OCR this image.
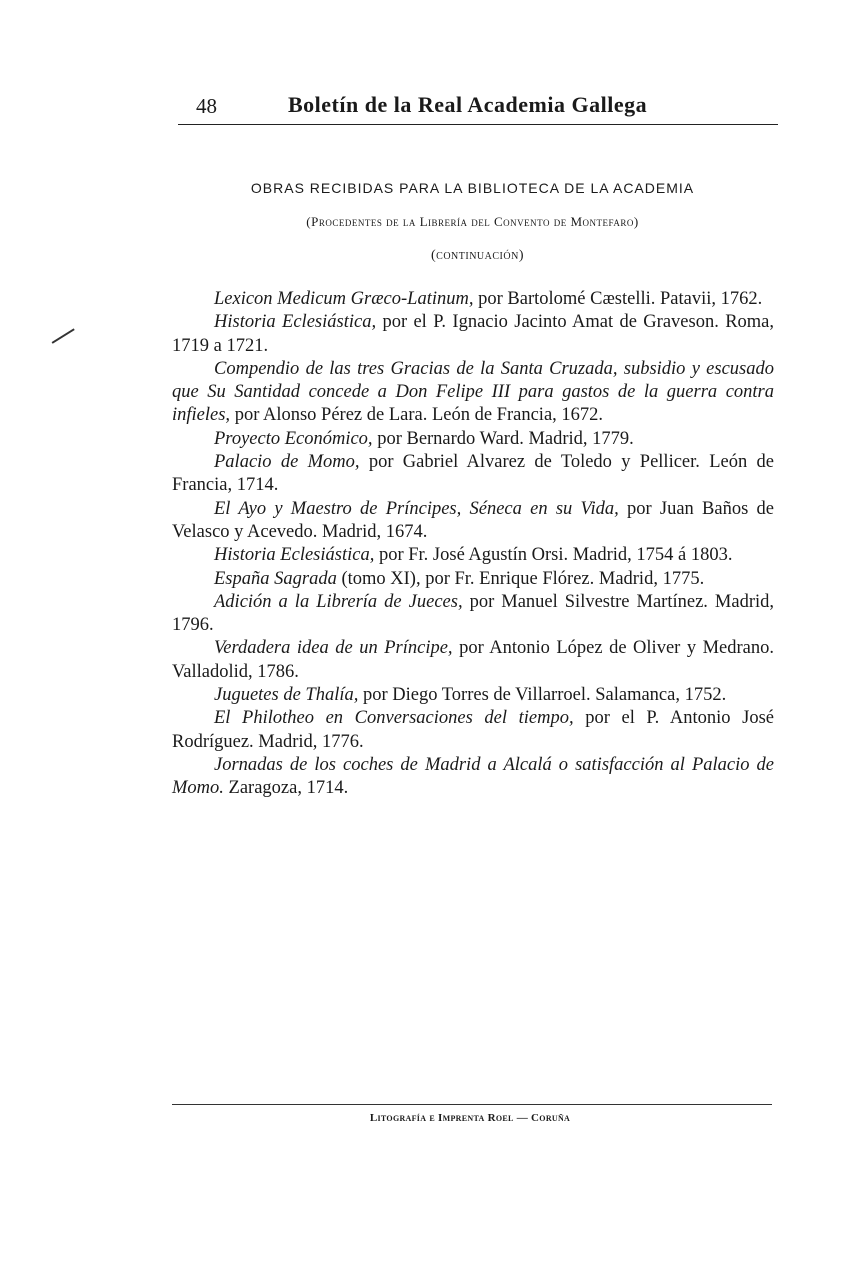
48	Boletín de la Real Academia Gallega
OBRAS RECIBIDAS PARA LA BIBLIOTECA DE LA ACADEMIA
(Procedentes de la Librería del Convento de Montefaro)
(continuación)

Lexicon Medicum Græco-Latinum, por Bartolomé Cæstelli. Patavii, 1762.

Historia Eclesiástica, por el P. Ignacio Jacinto Amat de Graveson. Roma, 1719 a 1721.

Compendio de las tres Gracias de la Santa Cruzada, subsidio y escusado que Su Santidad concede a Don Felipe III para gastos de la guerra contra infieles, por Alonso Pérez de Lara. León de Francia, 1672.

Proyecto Económico, por Bernardo Ward. Madrid, 1779.

Palacio de Momo, por Gabriel Alvarez de Toledo y Pellicer. León de Francia, 1714.

El Ayo y Maestro de Príncipes, Séneca en su Vida, por Juan Baños de Velasco y Acevedo. Madrid, 1674.

Historia Eclesiástica, por Fr. José Agustín Orsi. Madrid, 1754 á 1803.

España Sagrada (tomo XI), por Fr. Enrique Flórez. Madrid, 1775.

Adición a la Librería de Jueces, por Manuel Silvestre Martínez. Madrid, 1796.

Verdadera idea de un Príncipe, por Antonio López de Oliver y Medrano. Valladolid, 1786.

Juguetes de Thalía, por Diego Torres de Villarroel. Salamanca, 1752.

El Philotheo en Conversaciones del tiempo, por el P. Antonio José Rodríguez. Madrid, 1776.

Jornadas de los coches de Madrid a Alcalá o satisfacción al Palacio de Momo. Zaragoza, 1714.

Litografía e Imprenta Roel — Coruña
